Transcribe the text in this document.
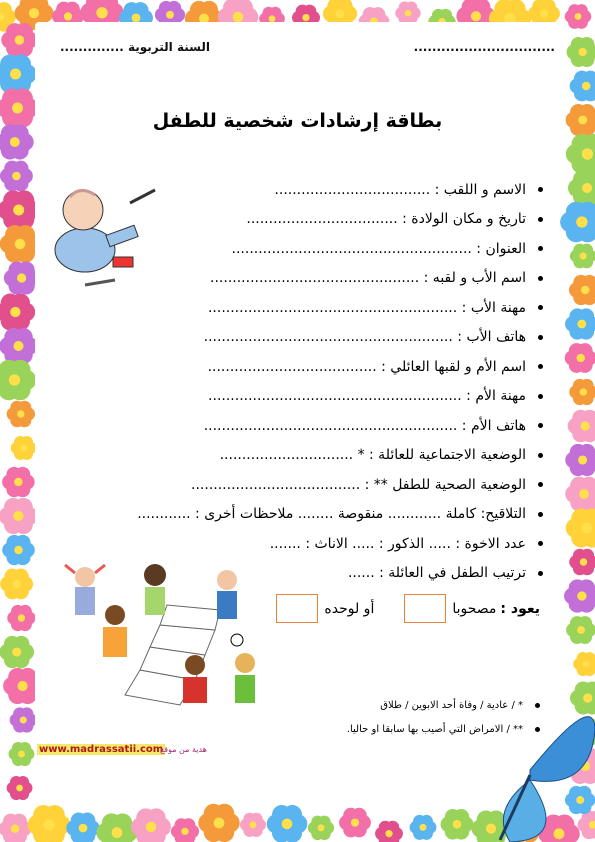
السنة التربوية ..............	...............................
بطاقة إرشادات شخصية للطفل
الاسم و اللقب : ...................................
تاريخ و مكان الولادة : ..................................
العنوان : ......................................................
اسم الأب و لقبه : ...............................................
مهنة الأب : ........................................................
هاتف الأب : ........................................................
اسم الأم و لقبها العائلي : ......................................
مهنة الأم : .........................................................
هاتف الأم : .........................................................
الوضعية الاجتماعية للعائلة : * ..............................
الوضعية الصحية للطفل ** : ......................................
التلاقيح: كاملة ............ منقوصة ........ ملاحظات أخرى : ............
عدد الاخوة : ..... الذكور : ..... الاناث : .......
ترتيب الطفل في العائلة : ......
يعود :
مصحوبا
أو لوحده
* / عادية / وفاة أحد الابوين / طلاق
** / الامراض التي أصيب بها سابقا او حاليا.
www.madrassatii.com
هدية من موقع
